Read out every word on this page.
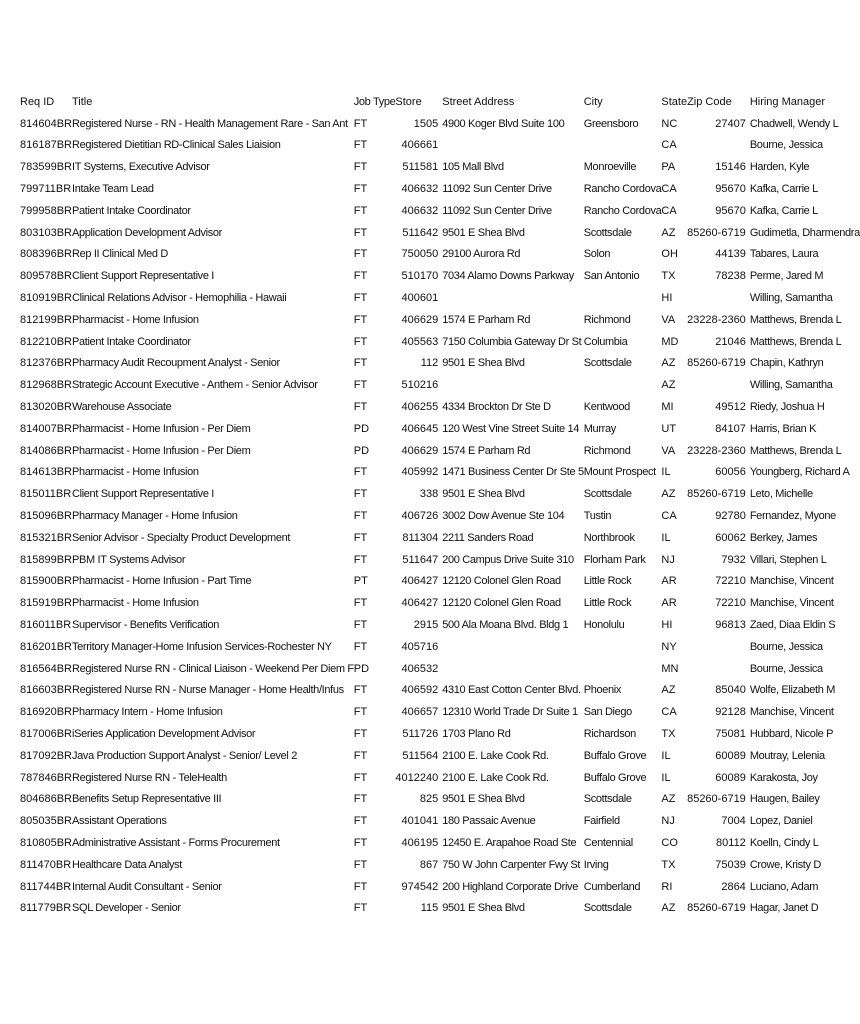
Req ID	Title	Job Type	Store	Street Address	City	State	Zip Code	Hiring Manager
814604BR	Registered Nurse - RN - Health Management Rare - San Ant	FT	1505	4900 Koger Blvd Suite 100	Greensboro	NC	27407	Chadwell, Wendy L
816187BR	Registered Dietitian RD-Clinical Sales Liaision	FT	406661			CA		Bourne, Jessica
783599BR	IT Systems, Executive Advisor	FT	511581	105 Mall Blvd	Monroeville	PA	15146	Harden, Kyle
799711BR	Intake Team Lead	FT	406632	11092 Sun Center Drive	Rancho Cordova	CA	95670	Kafka, Carrie L
799958BR	Patient Intake Coordinator	FT	406632	11092 Sun Center Drive	Rancho Cordova	CA	95670	Kafka, Carrie L
803103BR	Application Development Advisor	FT	511642	9501 E Shea Blvd	Scottsdale	AZ	85260-6719	Gudimetla, Dharmendra
808396BR	Rep II Clinical Med D	FT	750050	29100 Aurora Rd	Solon	OH	44139	Tabares, Laura
809578BR	Client Support Representative I	FT	510170	7034 Alamo Downs Parkway	San Antonio	TX	78238	Perme, Jared M
810919BR	Clinical Relations Advisor - Hemophilia - Hawaii	FT	400601			HI		Willing, Samantha
812199BR	Pharmacist - Home Infusion	FT	406629	1574 E Parham Rd	Richmond	VA	23228-2360	Matthews, Brenda L
812210BR	Patient Intake Coordinator	FT	405563	7150 Columbia Gateway Dr St	Columbia	MD	21046	Matthews, Brenda L
812376BR	Pharmacy Audit Recoupment Analyst - Senior	FT	112	9501 E Shea Blvd	Scottsdale	AZ	85260-6719	Chapin, Kathryn
812968BR	Strategic Account Executive - Anthem - Senior Advisor	FT	510216			AZ		Willing, Samantha
813020BR	Warehouse Associate	FT	406255	4334 Brockton Dr Ste D	Kentwood	MI	49512	Riedy, Joshua H
814007BR	Pharmacist - Home Infusion - Per Diem	PD	406645	120 West Vine Street Suite 14	Murray	UT	84107	Harris, Brian K
814086BR	Pharmacist - Home Infusion - Per Diem	PD	406629	1574 E Parham Rd	Richmond	VA	23228-2360	Matthews, Brenda L
814613BR	Pharmacist - Home Infusion	FT	405992	1471 Business Center Dr Ste 5	Mount Prospect	IL	60056	Youngberg, Richard A
815011BR	Client Support Representative I	FT	338	9501 E Shea Blvd	Scottsdale	AZ	85260-6719	Leto, Michelle
815096BR	Pharmacy Manager - Home Infusion	FT	406726	3002 Dow Avenue Ste 104	Tustin	CA	92780	Fernandez, Myone
815321BR	Senior Advisor - Specialty Product Development	FT	811304	2211 Sanders Road	Northbrook	IL	60062	Berkey, James
815899BR	PBM IT Systems Advisor	FT	511647	200 Campus Drive Suite 310	Florham Park	NJ	7932	Villari, Stephen L
815900BR	Pharmacist - Home Infusion - Part Time	PT	406427	12120 Colonel Glen Road	Little Rock	AR	72210	Manchise, Vincent
815919BR	Pharmacist - Home Infusion	FT	406427	12120 Colonel Glen Road	Little Rock	AR	72210	Manchise, Vincent
816011BR	Supervisor - Benefits Verification	FT	2915	500 Ala Moana Blvd. Bldg 1	Honolulu	HI	96813	Zaed, Diaa Eldin S
816201BR	Territory Manager-Home Infusion Services-Rochester NY	FT	405716			NY		Bourne, Jessica
816564BR	Registered Nurse RN - Clinical Liaison - Weekend Per Diem F	PD	406532			MN		Bourne, Jessica
816603BR	Registered Nurse RN - Nurse Manager - Home Health/Infus	FT	406592	4310 East Cotton Center Blvd.	Phoenix	AZ	85040	Wolfe, Elizabeth M
816920BR	Pharmacy Intern - Home Infusion	FT	406657	12310 World Trade Dr Suite 1	San Diego	CA	92128	Manchise, Vincent
817006BR	iSeries Application Development Advisor	FT	511726	1703 Plano Rd	Richardson	TX	75081	Hubbard, Nicole P
817092BR	Java Production Support Analyst - Senior/ Level 2	FT	511564	2100 E. Lake Cook Rd.	Buffalo Grove	IL	60089	Moutray, Lelenia
787846BR	Registered Nurse RN - TeleHealth	FT	4012240	2100 E. Lake Cook Rd.	Buffalo Grove	IL	60089	Karakosta, Joy
804686BR	Benefits Setup Representative III	FT	825	9501 E Shea Blvd	Scottsdale	AZ	85260-6719	Haugen, Bailey
805035BR	Assistant Operations	FT	401041	180 Passaic Avenue	Fairfield	NJ	7004	Lopez, Daniel
810805BR	Administrative Assistant - Forms Procurement	FT	406195	12450 E. Arapahoe Road Ste	Centennial	CO	80112	Koelln, Cindy L
811470BR	Healthcare Data Analyst	FT	867	750 W John Carpenter Fwy St	Irving	TX	75039	Crowe, Kristy D
811744BR	Internal Audit Consultant - Senior	FT	974542	200 Highland Corporate Drive	Cumberland	RI	2864	Luciano, Adam
811779BR	SQL Developer - Senior	FT	115	9501 E Shea Blvd	Scottsdale	AZ	85260-6719	Hagar, Janet D
